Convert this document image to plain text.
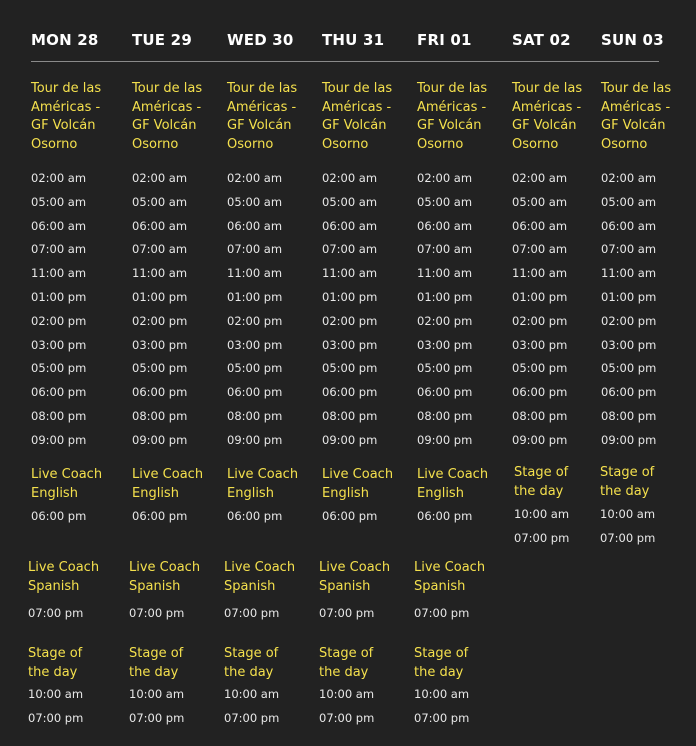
MON 28 TUE 29 WED 30 THU 31 FRI 01	SAT 02 SUN 03
Tour de las
Américas -
GF Volcán
Osorno
02:00 am
05:00 am
06:00 am
07:00 am
11:00 am
01:00 pm
02:00 pm
03:00 pm
05:00 pm
06:00 pm
08:00 pm
09:00 pm
Live Coach
English
06:00 pm
Live Coach
Spanish
07:00 pm
Stage of
the day
10:00 am
07:00 pm
Tour de las
Américas -
GF Volcán
Osorno
02:00 am
05:00 am
06:00 am
07:00 am
11:00 am
01:00 pm
02:00 pm
03:00 pm
05:00 pm
06:00 pm
08:00 pm
09:00 pm
Live Coach
English
06:00 pm
Live Coach
Spanish
07:00 pm
Stage of
the day
10:00 am
07:00 pm
Tour de las
Américas -
GF Volcán
Osorno
02:00 am
05:00 am
06:00 am
07:00 am
11:00 am
01:00 pm
02:00 pm
03:00 pm
05:00 pm
06:00 pm
08:00 pm
09:00 pm
Live Coach
English
06:00 pm
Live Coach
Spanish
07:00 pm
Stage of
the day
10:00 am
07:00 pm
Tour de las
Américas -
GF Volcán
Osorno
02:00 am
05:00 am
06:00 am
07:00 am
11:00 am
01:00 pm
02:00 pm
03:00 pm
05:00 pm
06:00 pm
08:00 pm
09:00 pm
Live Coach
English
06:00 pm
Live Coach
Spanish
07:00 pm
Stage of
the day
10:00 am
07:00 pm
Tour de las
Américas -
GF Volcán
Osorno
02:00 am
05:00 am
06:00 am
07:00 am
11:00 am
01:00 pm
02:00 pm
03:00 pm
05:00 pm
06:00 pm
08:00 pm
09:00 pm
Live Coach
English
06:00 pm
Live Coach
Spanish
07:00 pm
Stage of
the day
10:00 am
07:00 pm
Tour de las
Américas -
GF Volcán
Osorno
02:00 am
05:00 am
06:00 am
07:00 am
11:00 am
01:00 pm
02:00 pm
03:00 pm
05:00 pm
06:00 pm
08:00 pm
09:00 pm
Stage of
the day
10:00 am
07:00 pm
Tour de las
Américas -
GF Volcán
Osorno
02:00 am
05:00 am
06:00 am
07:00 am
11:00 am
01:00 pm
02:00 pm
03:00 pm
05:00 pm
06:00 pm
08:00 pm
09:00 pm
Stage of
the day
10:00 am
07:00 pm
